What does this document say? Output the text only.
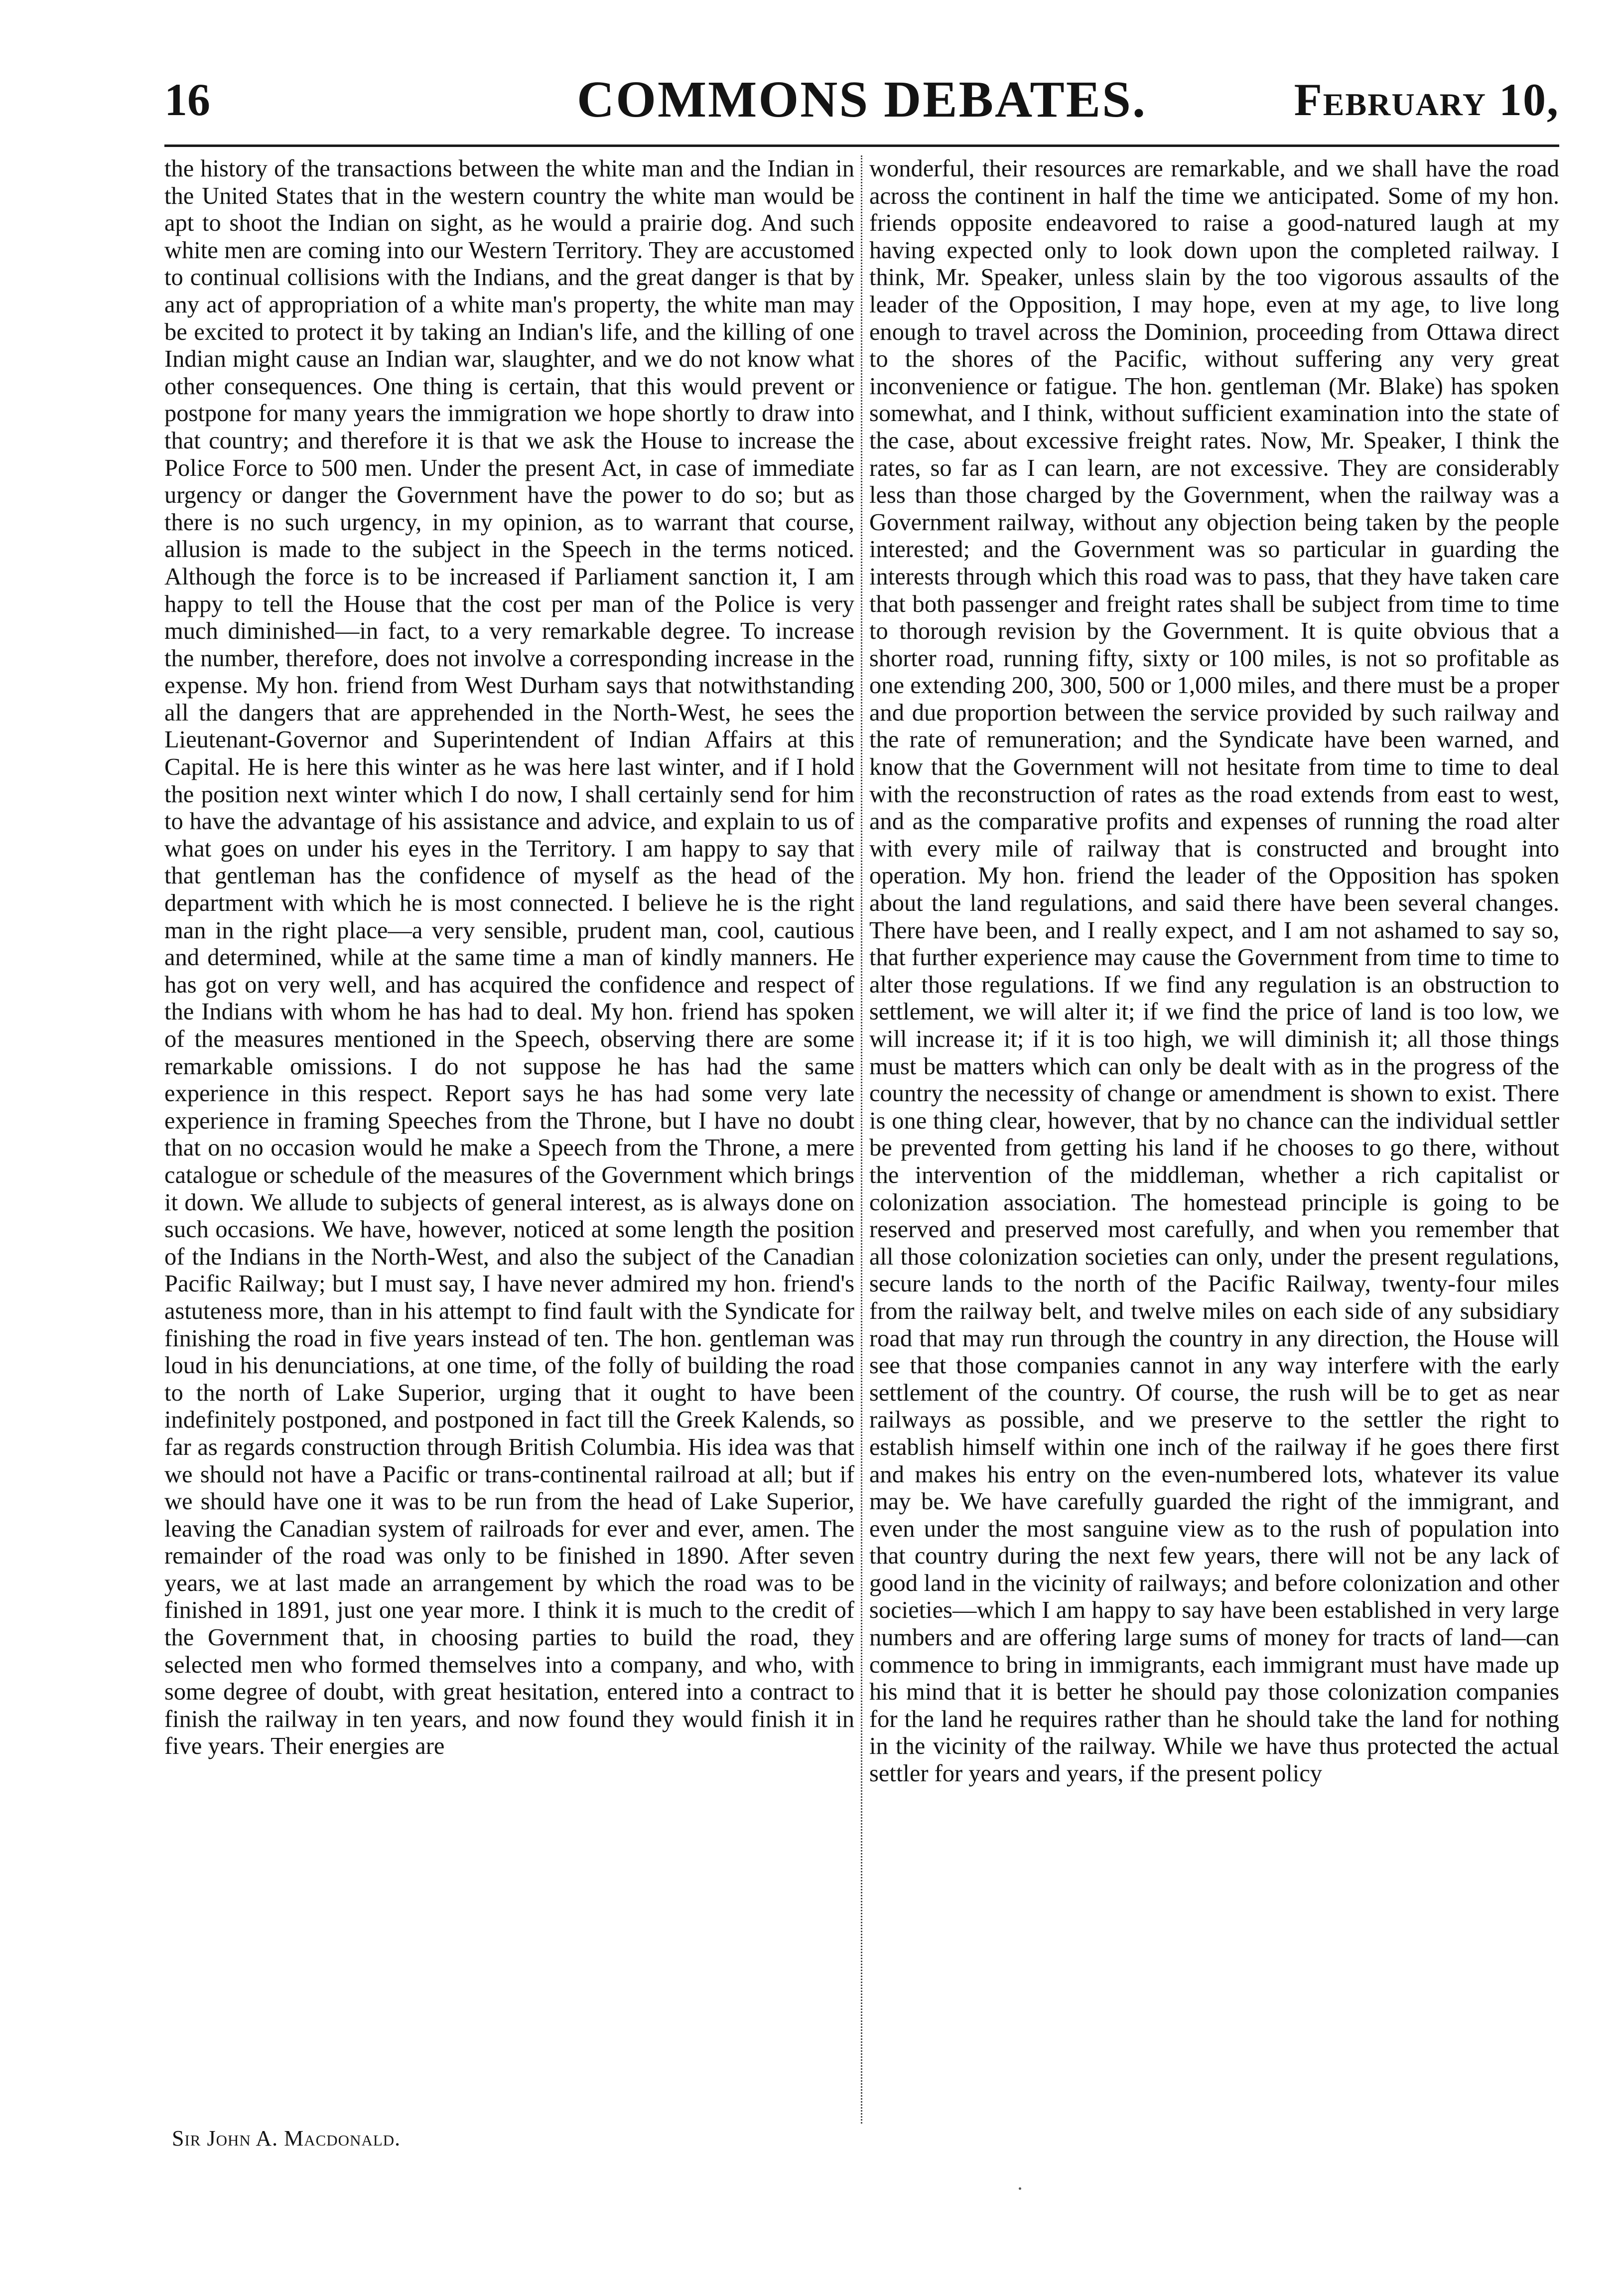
16	COMMONS DEBATES.	February 10,

the history of the transactions between the white man and the Indian in the United States that in the western country the white man would be apt to shoot the Indian on sight, as he would a prairie dog. And such white men are coming into our Western Territory. They are accustomed to continual collisions with the Indians, and the great danger is that by any act of appropriation of a white man's property, the white man may be excited to protect it by taking an Indian's life, and the killing of one Indian might cause an Indian war, slaughter, and we do not know what other consequences. One thing is certain, that this would prevent or postpone for many years the immigration we hope shortly to draw into that country; and therefore it is that we ask the House to increase the Police Force to 500 men. Under the present Act, in case of immediate urgency or danger the Government have the power to do so; but as there is no such urgency, in my opinion, as to warrant that course, allusion is made to the subject in the Speech in the terms noticed. Although the force is to be increased if Parliament sanction it, I am happy to tell the House that the cost per man of the Police is very much diminished—in fact, to a very remarkable degree. To increase the number, therefore, does not involve a corresponding increase in the expense. My hon. friend from West Durham says that notwithstanding all the dangers that are apprehended in the North-West, he sees the Lieutenant-Governor and Superintendent of Indian Affairs at this Capital. He is here this winter as he was here last winter, and if I hold the position next winter which I do now, I shall certainly send for him to have the advantage of his assistance and advice, and explain to us of what goes on under his eyes in the Territory. I am happy to say that that gentleman has the confidence of myself as the head of the department with which he is most connected. I believe he is the right man in the right place—a very sensible, prudent man, cool, cautious and determined, while at the same time a man of kindly manners. He has got on very well, and has acquired the confidence and respect of the Indians with whom he has had to deal. My hon. friend has spoken of the measures mentioned in the Speech, observing there are some remarkable omissions. I do not suppose he has had the same experience in this respect. Report says he has had some very late experience in framing Speeches from the Throne, but I have no doubt that on no occasion would he make a Speech from the Throne, a mere catalogue or schedule of the measures of the Government which brings it down. We allude to subjects of general interest, as is always done on such occasions. We have, however, noticed at some length the position of the Indians in the North-West, and also the subject of the Canadian Pacific Railway; but I must say, I have never admired my hon. friend's astuteness more, than in his attempt to find fault with the Syndicate for finishing the road in five years instead of ten. The hon. gentleman was loud in his denunciations, at one time, of the folly of building the road to the north of Lake Superior, urging that it ought to have been indefinitely postponed, and postponed in fact till the Greek Kalends, so far as regards construction through British Columbia. His idea was that we should not have a Pacific or trans-continental railroad at all; but if we should have one it was to be run from the head of Lake Superior, leaving the Canadian system of railroads for ever and ever, amen. The remainder of the road was only to be finished in 1890. After seven years, we at last made an arrangement by which the road was to be finished in 1891, just one year more. I think it is much to the credit of the Government that, in choosing parties to build the road, they selected men who formed themselves into a company, and who, with some degree of doubt, with great hesitation, entered into a contract to finish the railway in ten years, and now found they would finish it in five years. Their energies are

wonderful, their resources are remarkable, and we shall have the road across the continent in half the time we anticipated. Some of my hon. friends opposite endeavored to raise a good-natured laugh at my having expected only to look down upon the completed railway. I think, Mr. Speaker, unless slain by the too vigorous assaults of the leader of the Opposition, I may hope, even at my age, to live long enough to travel across the Dominion, proceeding from Ottawa direct to the shores of the Pacific, without suffering any very great inconvenience or fatigue. The hon. gentleman (Mr. Blake) has spoken somewhat, and I think, without sufficient examination into the state of the case, about excessive freight rates. Now, Mr. Speaker, I think the rates, so far as I can learn, are not excessive. They are considerably less than those charged by the Government, when the railway was a Government railway, without any objection being taken by the people interested; and the Government was so particular in guarding the interests through which this road was to pass, that they have taken care that both passenger and freight rates shall be subject from time to time to thorough revision by the Government. It is quite obvious that a shorter road, running fifty, sixty or 100 miles, is not so profitable as one extending 200, 300, 500 or 1,000 miles, and there must be a proper and due proportion between the service provided by such railway and the rate of remuneration; and the Syndicate have been warned, and know that the Government will not hesitate from time to time to deal with the reconstruction of rates as the road extends from east to west, and as the comparative profits and expenses of running the road alter with every mile of railway that is constructed and brought into operation. My hon. friend the leader of the Opposition has spoken about the land regulations, and said there have been several changes. There have been, and I really expect, and I am not ashamed to say so, that further experience may cause the Government from time to time to alter those regulations. If we find any regulation is an obstruction to settlement, we will alter it; if we find the price of land is too low, we will increase it; if it is too high, we will diminish it; all those things must be matters which can only be dealt with as in the progress of the country the necessity of change or amendment is shown to exist. There is one thing clear, however, that by no chance can the individual settler be prevented from getting his land if he chooses to go there, without the intervention of the middleman, whether a rich capitalist or colonization association. The homestead principle is going to be reserved and preserved most carefully, and when you remember that all those colonization societies can only, under the present regulations, secure lands to the north of the Pacific Railway, twenty-four miles from the railway belt, and twelve miles on each side of any subsidiary road that may run through the country in any direction, the House will see that those companies cannot in any way interfere with the early settlement of the country. Of course, the rush will be to get as near railways as possible, and we preserve to the settler the right to establish himself within one inch of the railway if he goes there first and makes his entry on the even-numbered lots, whatever its value may be. We have carefully guarded the right of the immigrant, and even under the most sanguine view as to the rush of population into that country during the next few years, there will not be any lack of good land in the vicinity of railways; and before colonization and other societies—which I am happy to say have been established in very large numbers and are offering large sums of money for tracts of land—can commence to bring in immigrants, each immigrant must have made up his mind that it is better he should pay those colonization companies for the land he requires rather than he should take the land for nothing in the vicinity of the railway. While we have thus protected the actual settler for years and years, if the present policy

Sir John A. Macdonald.
